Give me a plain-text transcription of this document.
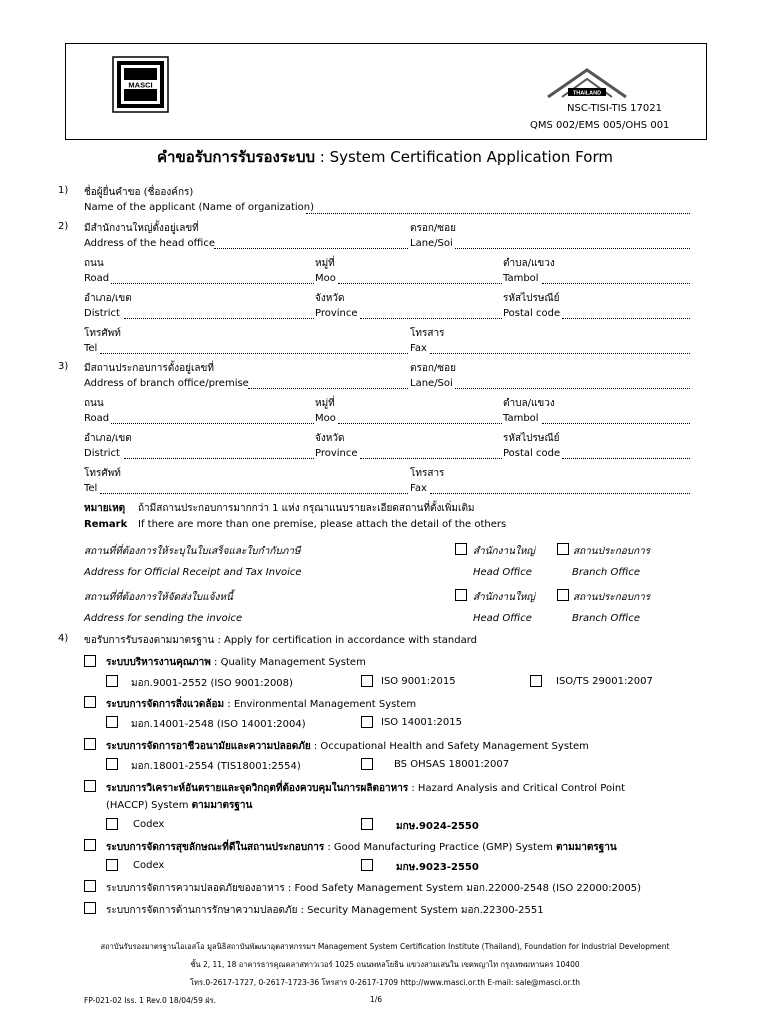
MASCI
THAILAND
NSC-TISI-TIS 17021
QMS 002/EMS 005/OHS 001
คำขอรับการรับรองระบบ : System Certification Application Form
1) ชื่อผู้ยื่นคำขอ (ชื่อองค์กร)
Name of the applicant (Name of organization)
2) มีสำนักงานใหญ่ตั้งอยู่เลขที่	ตรอก/ซอย
Address of the head office	Lane/Soi
ถนน	หมู่ที่	ตำบล/แขวง
Road	Moo	Tambol
อำเภอ/เขต	จังหวัด	รหัสไปรษณีย์
District	Province	Postal code
โทรศัพท์	โทรสาร
Tel	Fax
3) มีสถานประกอบการตั้งอยู่เลขที่	ตรอก/ซอย
Address of branch office/premise	Lane/Soi
ถนน	หมู่ที่	ตำบล/แขวง
Road	Moo	Tambol
อำเภอ/เขต	จังหวัด	รหัสไปรษณีย์
District	Province	Postal code
โทรศัพท์	โทรสาร
Tel	Fax
หมายเหตุ ถ้ามีสถานประกอบการมากกว่า 1 แห่ง กรุณาแนบรายละเอียดสถานที่ตั้งเพิ่มเติม
Remark If there are more than one premise, please attach the detail of the others
สถานที่ที่ต้องการให้ระบุในใบเสร็จและใบกำกับภาษี	สำนักงานใหญ่	สถานประกอบการ
Address for Official Receipt and Tax Invoice	Head Office	Branch Office
สถานที่ที่ต้องการให้จัดส่งใบแจ้งหนี้	สำนักงานใหญ่	สถานประกอบการ
Address for sending the invoice	Head Office	Branch Office
4) ขอรับการรับรองตามมาตรฐาน : Apply for certification in accordance with standard
ระบบบริหารงานคุณภาพ : Quality Management System
มอก.9001-2552 (ISO 9001:2008)	ISO 9001:2015	ISO/TS 29001:2007
ระบบการจัดการสิ่งแวดล้อม : Environmental Management System
มอก.14001-2548 (ISO 14001:2004)	ISO 14001:2015
ระบบการจัดการอาชีวอนามัยและความปลอดภัย : Occupational Health and Safety Management System
มอก.18001-2554 (TIS18001:2554)	BS OHSAS 18001:2007
ระบบการวิเคราะห์อันตรายและจุดวิกฤตที่ต้องควบคุมในการผลิตอาหาร : Hazard Analysis and Critical Control Point
(HACCP) System ตามมาตรฐาน
Codex	มกษ.9024-2550
ระบบการจัดการสุขลักษณะที่ดีในสถานประกอบการ : Good Manufacturing Practice (GMP) System ตามมาตรฐาน
Codex	มกษ.9023-2550
ระบบการจัดการความปลอดภัยของอาหาร : Food Safety Management System มอก.22000-2548 (ISO 22000:2005)
ระบบการจัดการด้านการรักษาความปลอดภัย : Security Management System มอก.22300-2551
สถาบันรับรองมาตรฐานไอเอสโอ มูลนิธิสถาบันพัฒนาอุตสาหกรรมฯ Management System Certification Institute (Thailand), Foundation for Industrial Development
ชั้น 2, 11, 18 อาคารธารคุณคลาสทาวเวอร์ 1025 ถนนพหลโยธิน แขวงสามเสนใน เขตพญาไท กรุงเทพมหานคร 10400
โทร.0-2617-1727, 0-2617-1723-36 โทรสาร 0-2617-1709 http://www.masci.or.th E-mail: sale@masci.or.th
FP-021-02 Iss. 1 Rev.0 18/04/59 ฝ่ร.	1/6
